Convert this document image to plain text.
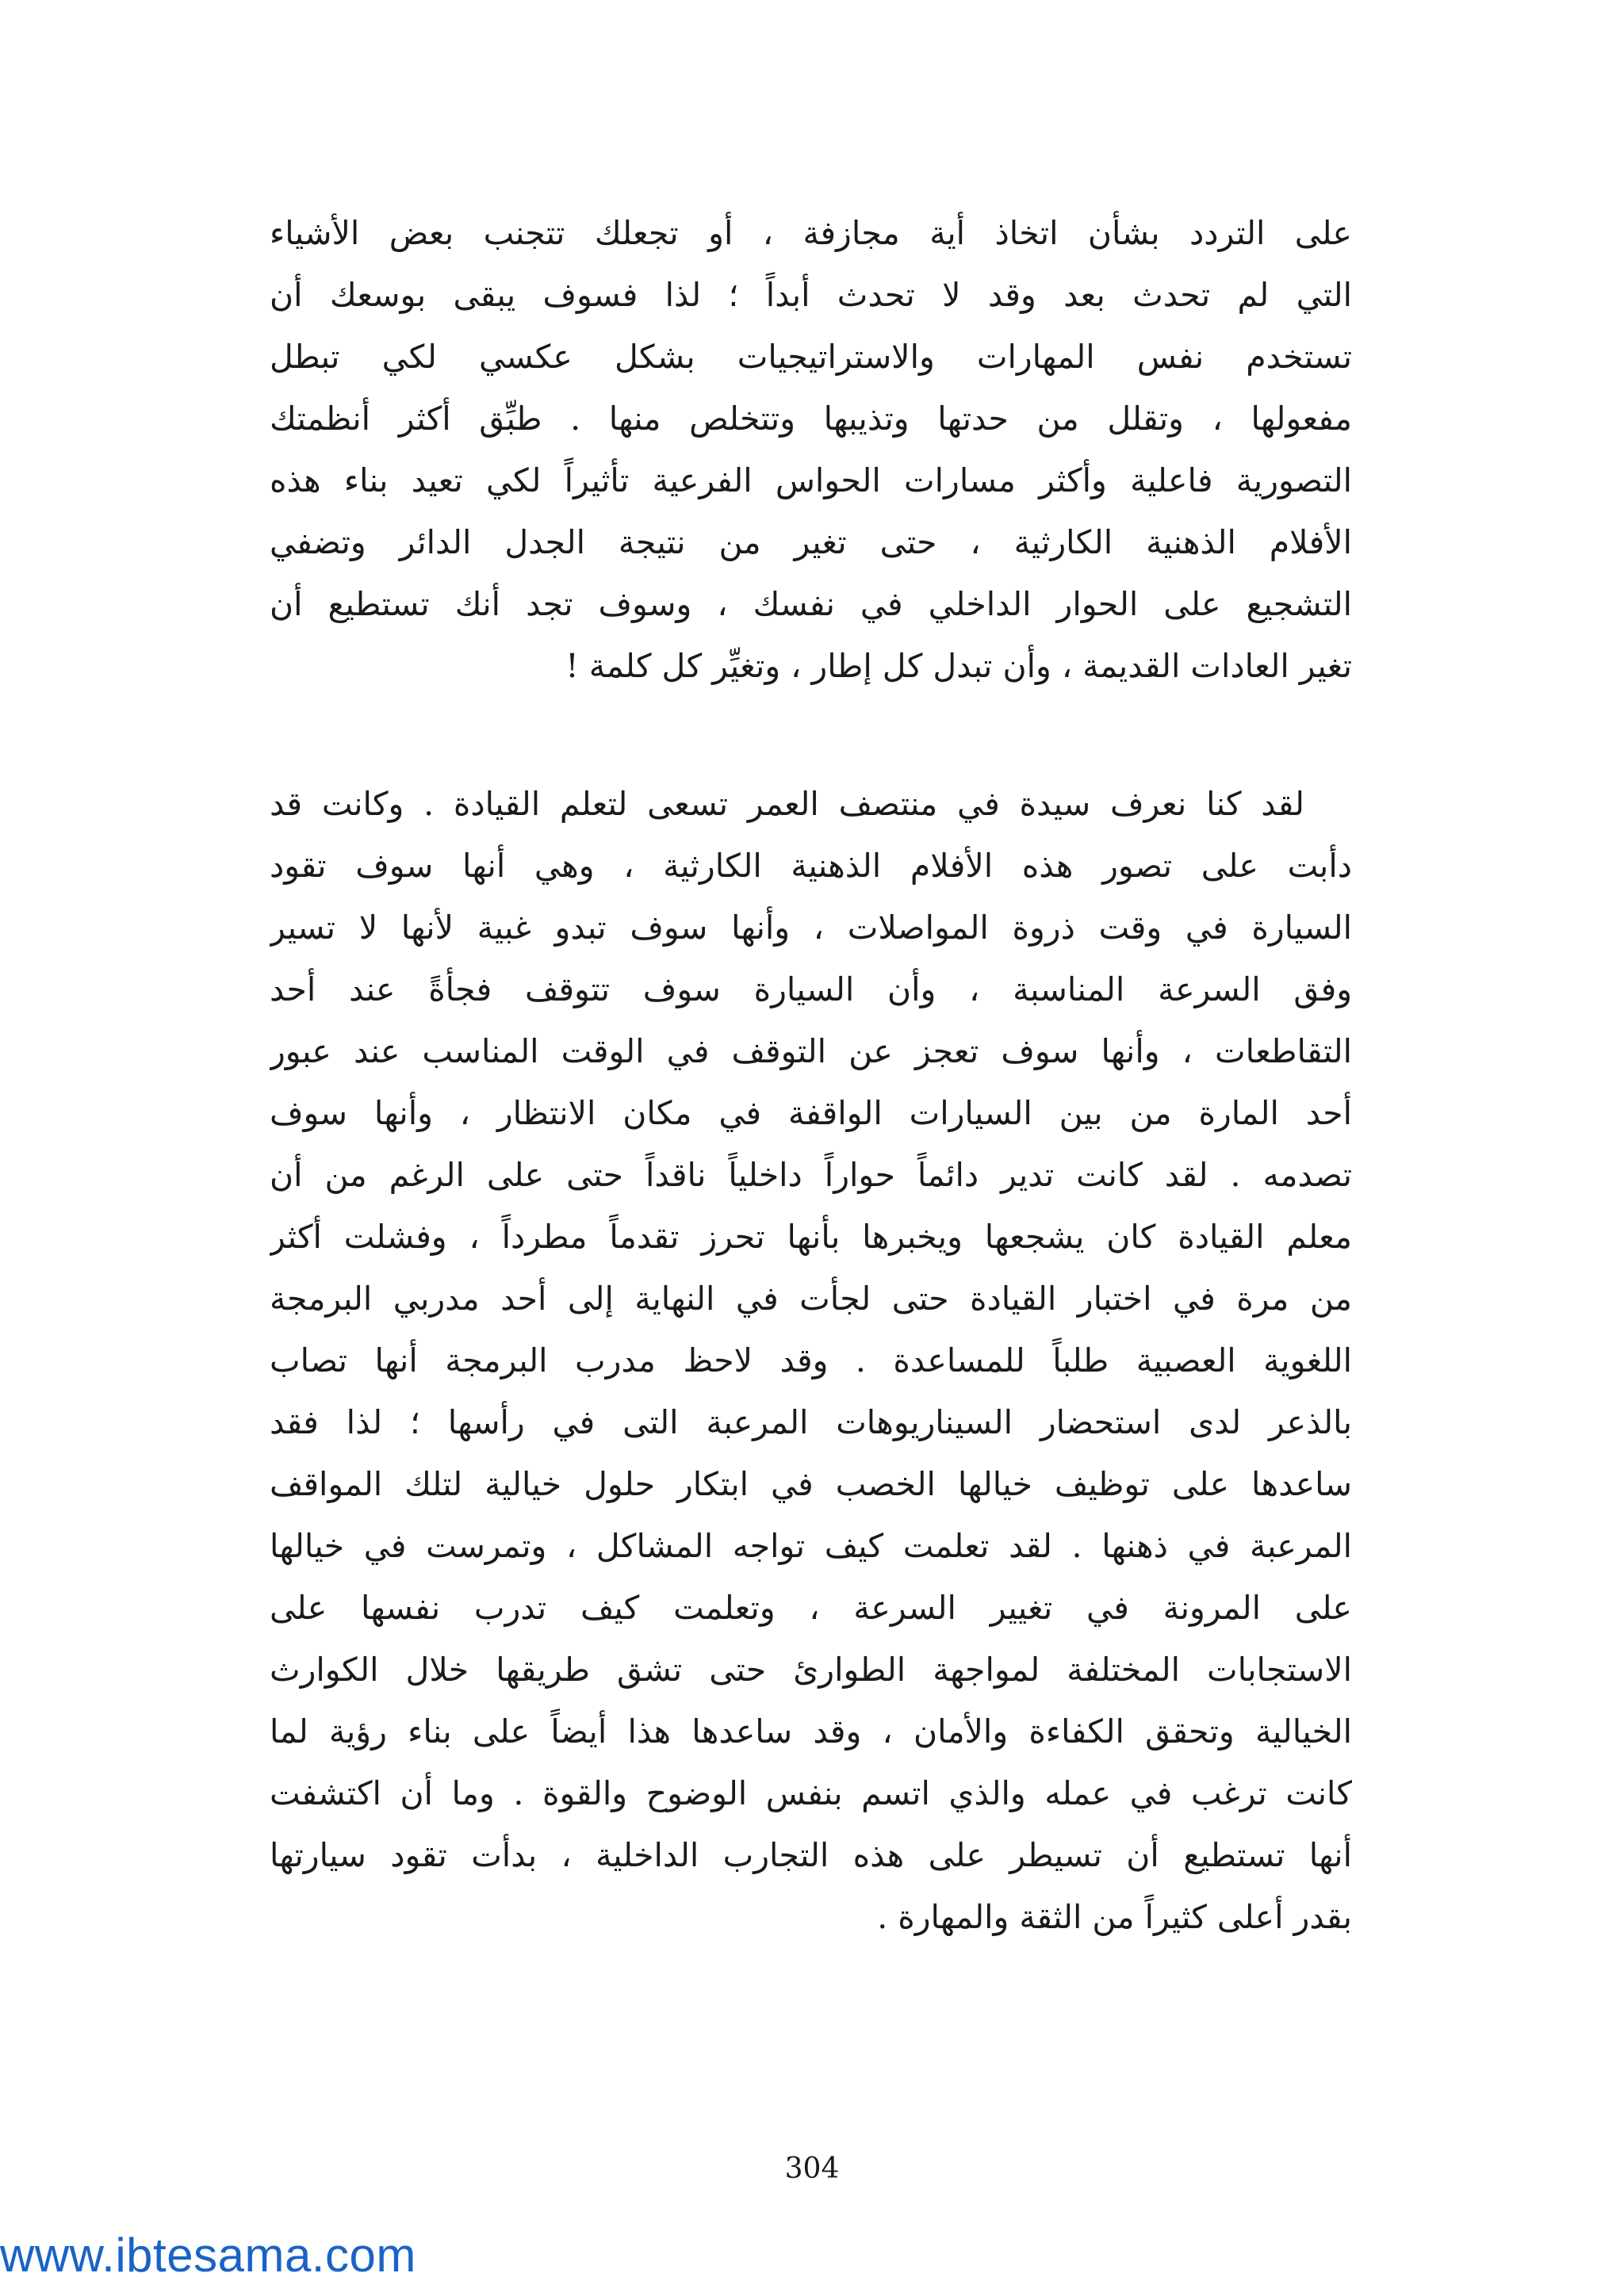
على التردد بشأن اتخاذ أية مجازفة ، أو تجعلك تتجنب بعض الأشياء
التي لم تحدث بعد وقد لا تحدث أبداً ؛ لذا فسوف يبقى بوسعك أن
تستخدم نفس المهارات والاستراتيجيات بشكل عكسي لكي تبطل
مفعولها ، وتقلل من حدتها وتذيبها وتتخلص منها . طبِّق أكثر أنظمتك
التصورية فاعلية وأكثر مسارات الحواس الفرعية تأثيراً لكي تعيد بناء هذه
الأفلام الذهنية الكارثية ، حتى تغير من نتيجة الجدل الدائر وتضفي
التشجيع على الحوار الداخلي في نفسك ، وسوف تجد أنك تستطيع أن
تغير العادات القديمة ، وأن تبدل كل إطار ، وتغيِّر كل كلمة !
لقد كنا نعرف سيدة في منتصف العمر تسعى لتعلم القيادة . وكانت قد
دأبت على تصور هذه الأفلام الذهنية الكارثية ، وهي أنها سوف تقود
السيارة في وقت ذروة المواصلات ، وأنها سوف تبدو غبية لأنها لا تسير
وفق السرعة المناسبة ، وأن السيارة سوف تتوقف فجأةً عند أحد
التقاطعات ، وأنها سوف تعجز عن التوقف في الوقت المناسب عند عبور
أحد المارة من بين السيارات الواقفة في مكان الانتظار ، وأنها سوف
تصدمه . لقد كانت تدير دائماً حواراً داخلياً ناقداً حتى على الرغم من أن
معلم القيادة كان يشجعها ويخبرها بأنها تحرز تقدماً مطرداً ، وفشلت أكثر
من مرة في اختبار القيادة حتى لجأت في النهاية إلى أحد مدربي البرمجة
اللغوية العصبية طلباً للمساعدة . وقد لاحظ مدرب البرمجة أنها تصاب
بالذعر لدى استحضار السيناريوهات المرعبة التى في رأسها ؛ لذا فقد
ساعدها على توظيف خيالها الخصب في ابتكار حلول خيالية لتلك المواقف
المرعبة في ذهنها . لقد تعلمت كيف تواجه المشاكل ، وتمرست في خيالها
على المرونة في تغيير السرعة ، وتعلمت كيف تدرب نفسها على
الاستجابات المختلفة لمواجهة الطوارئ حتى تشق طريقها خلال الكوارث
الخيالية وتحقق الكفاءة والأمان ، وقد ساعدها هذا أيضاً على بناء رؤية لما
كانت ترغب في عمله والذي اتسم بنفس الوضوح والقوة . وما أن اكتشفت
أنها تستطيع أن تسيطر على هذه التجارب الداخلية ، بدأت تقود سيارتها
بقدر أعلى كثيراً من الثقة والمهارة .
304
www.ibtesama.com
